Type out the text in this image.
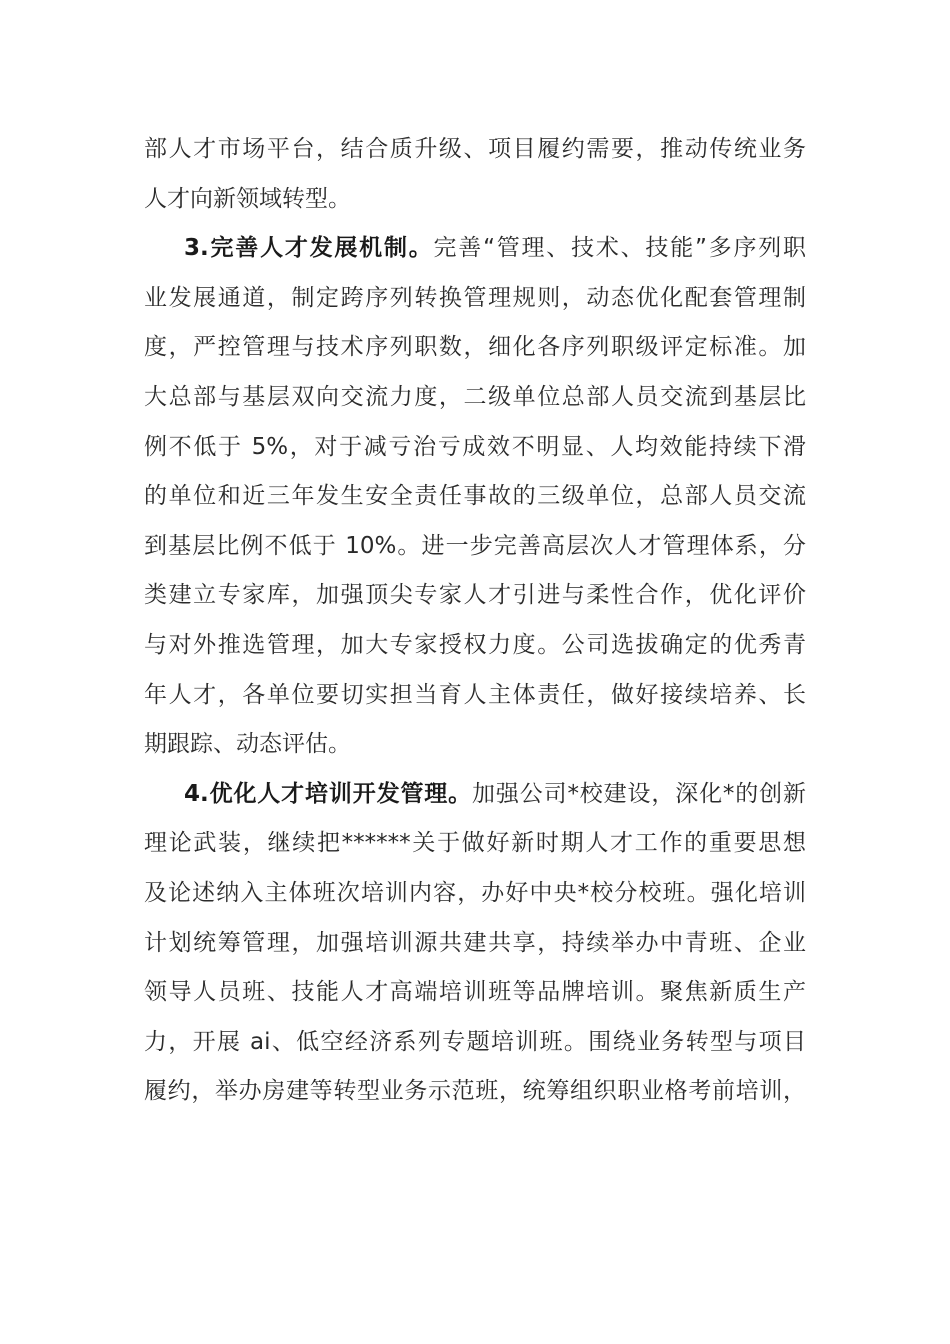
部人才市场平台，结合质升级、项目履约需要，推动传统业务
人才向新领域转型。
3.完善人才发展机制。完善“管理、技术、技能”多序列职
业发展通道，制定跨序列转换管理规则，动态优化配套管理制
度，严控管理与技术序列职数，细化各序列职级评定标准。加
大总部与基层双向交流力度，二级单位总部人员交流到基层比
例不低于 5%，对于减亏治亏成效不明显、人均效能持续下滑
的单位和近三年发生安全责任事故的三级单位，总部人员交流
到基层比例不低于 10%。进一步完善高层次人才管理体系，分
类建立专家库，加强顶尖专家人才引进与柔性合作，优化评价
与对外推选管理，加大专家授权力度。公司选拔确定的优秀青
年人才，各单位要切实担当育人主体责任，做好接续培养、长
期跟踪、动态评估。
4.优化人才培训开发管理。加强公司*校建设，深化*的创新
理论武装，继续把******关于做好新时期人才工作的重要思想
及论述纳入主体班次培训内容，办好中央*校分校班。强化培训
计划统筹管理，加强培训源共建共享，持续举办中青班、企业
领导人员班、技能人才高端培训班等品牌培训。聚焦新质生产
力，开展 ai、低空经济系列专题培训班。围绕业务转型与项目
履约，举办房建等转型业务示范班，统筹组织职业格考前培训，
